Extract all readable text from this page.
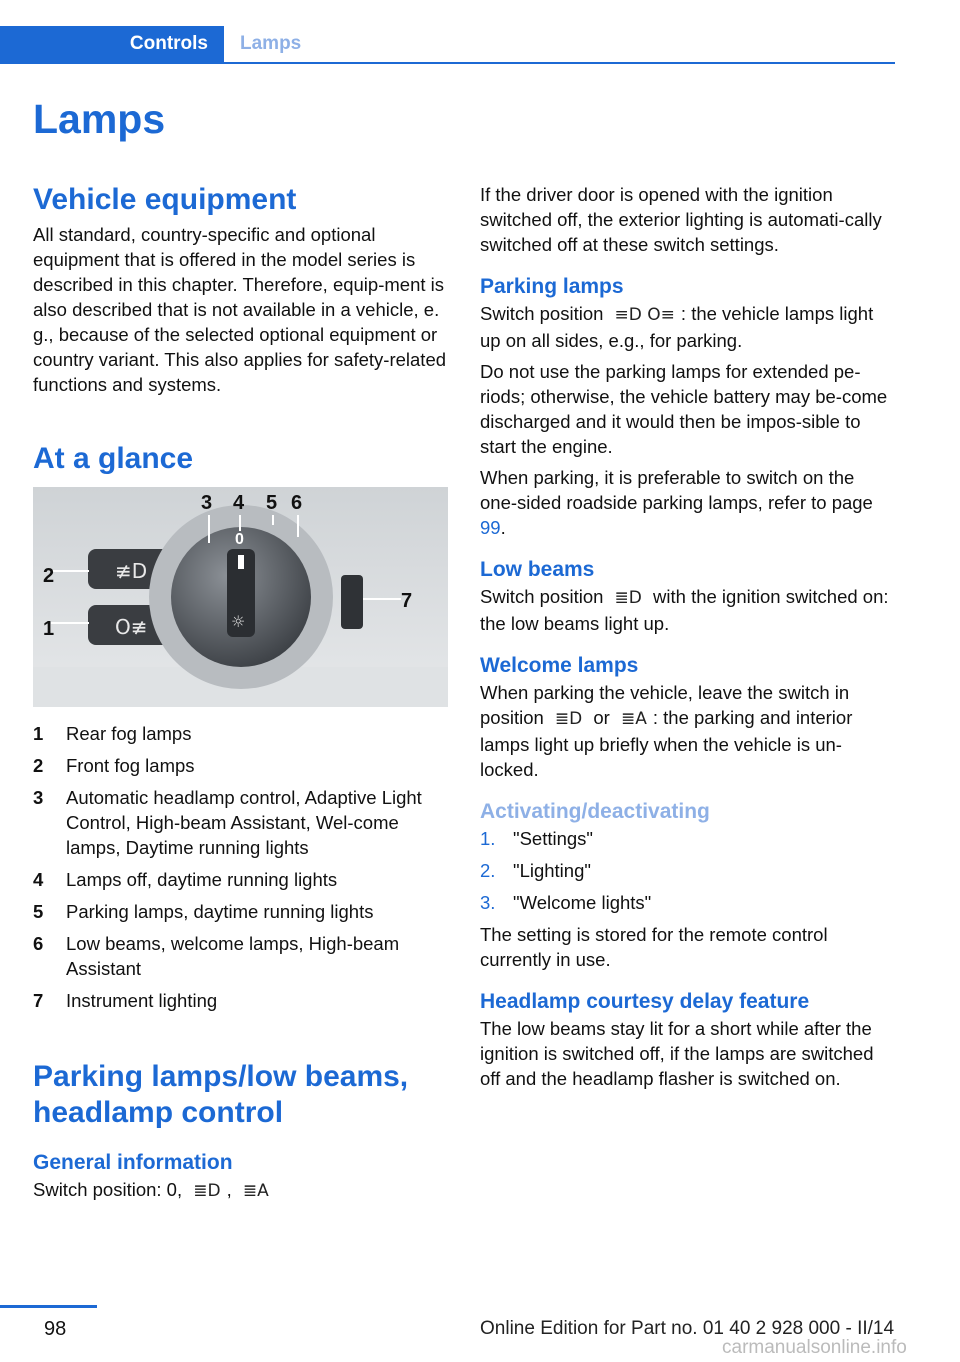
Controls	Lamps
Lamps
Vehicle equipment

All standard, country-specific and optional equipment that is offered in the model series is described in this chapter. Therefore, equip-ment is also described that is not available in a vehicle, e. g., because of the selected optional equipment or country variant. This also applies for safety-related functions and systems.

At a glance
≢D
O≢	☼
1
2
3 4 5 6
7
0
1	Rear fog lamps
2	Front fog lamps
3	Automatic headlamp control, Adaptive Light Control, High-beam Assistant, Wel-come lamps, Daytime running lights
4	Lamps off, daytime running lights
5	Parking lamps, daytime running lights
6	Low beams, welcome lamps, High-beam Assistant
7	Instrument lighting
Parking lamps/low beams, headlamp control
General information

Switch position: 0, ≣D , ≣A

If the driver door is opened with the ignition switched off, the exterior lighting is automati-cally switched off at these switch settings.

Parking lamps

Switch position ≡D O≡ : the vehicle lamps light up on all sides, e.g., for parking.

Do not use the parking lamps for extended pe-riods; otherwise, the vehicle battery may be-come discharged and it would then be impos-sible to start the engine.

When parking, it is preferable to switch on the one-sided roadside parking lamps, refer to page 99.

Low beams

Switch position ≣D with the ignition switched on: the low beams light up.

Welcome lamps

When parking the vehicle, leave the switch in position ≣D or ≣A : the parking and interior lamps light up briefly when the vehicle is un-locked.

Activating/deactivating
1. "Settings"
2. "Lighting"
3. "Welcome lights"

The setting is stored for the remote control currently in use.

Headlamp courtesy delay feature

The low beams stay lit for a short while after the ignition is switched off, if the lamps are switched off and the headlamp flasher is switched on.

98	Online Edition for Part no. 01 40 2 928 000 - II/14
carmanualsonline.info
